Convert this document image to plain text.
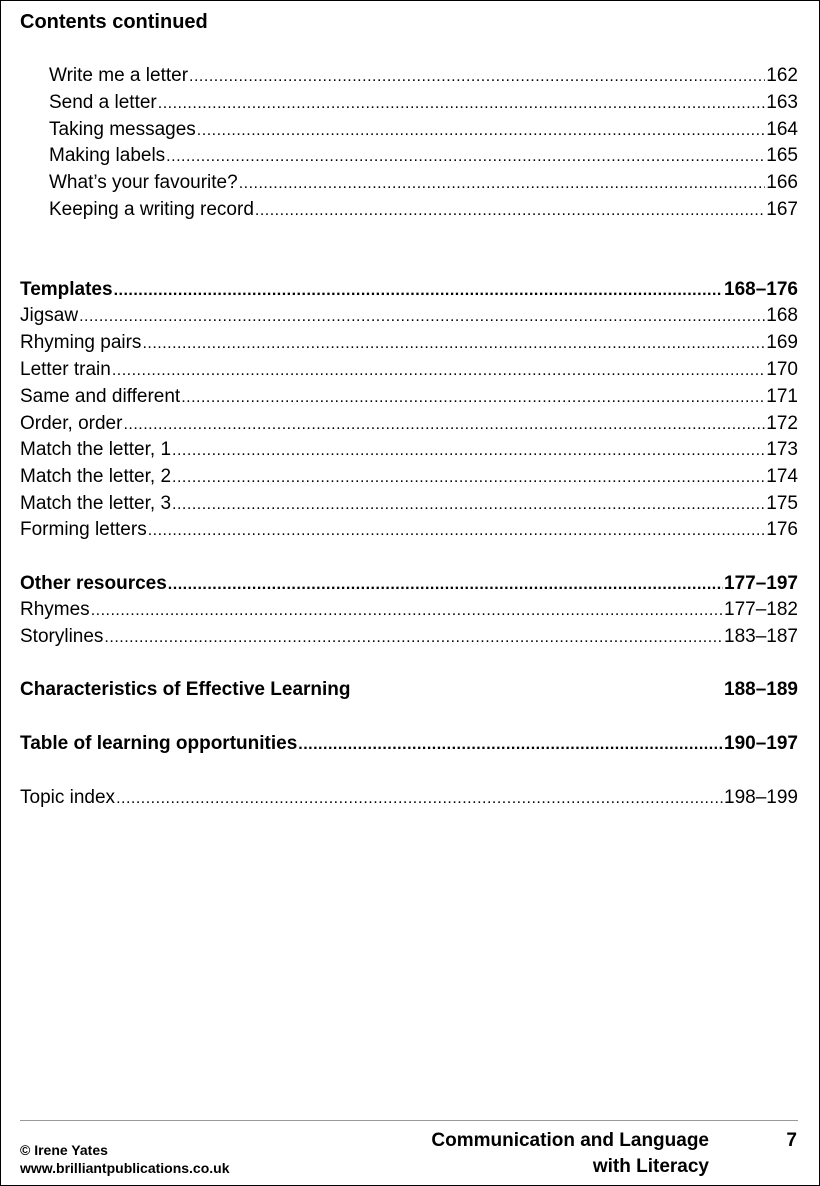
Contents continued
Write me a letter .....	162
Send a letter .....	163
Taking messages .....	164
Making labels .....	165
What’s your favourite? .....	166
Keeping a writing record .....	167
Templates .....	168–176
Jigsaw .....	168
Rhyming pairs .....	169
Letter train .....	170
Same and different .....	171
Order, order .....	172
Match the letter, 1 .....	173
Match the letter, 2 .....	174
Match the letter, 3 .....	175
Forming letters .....	176
Other resources .....	177–197
Rhymes .....	177–182
Storylines .....	183–187
Characteristics of Effective Learning	188–189
Table of learning opportunities .....	190–197
Topic index .....	198–199
© Irene Yates
www.brilliantpublications.co.uk
Communication and Language
with Literacy
7
